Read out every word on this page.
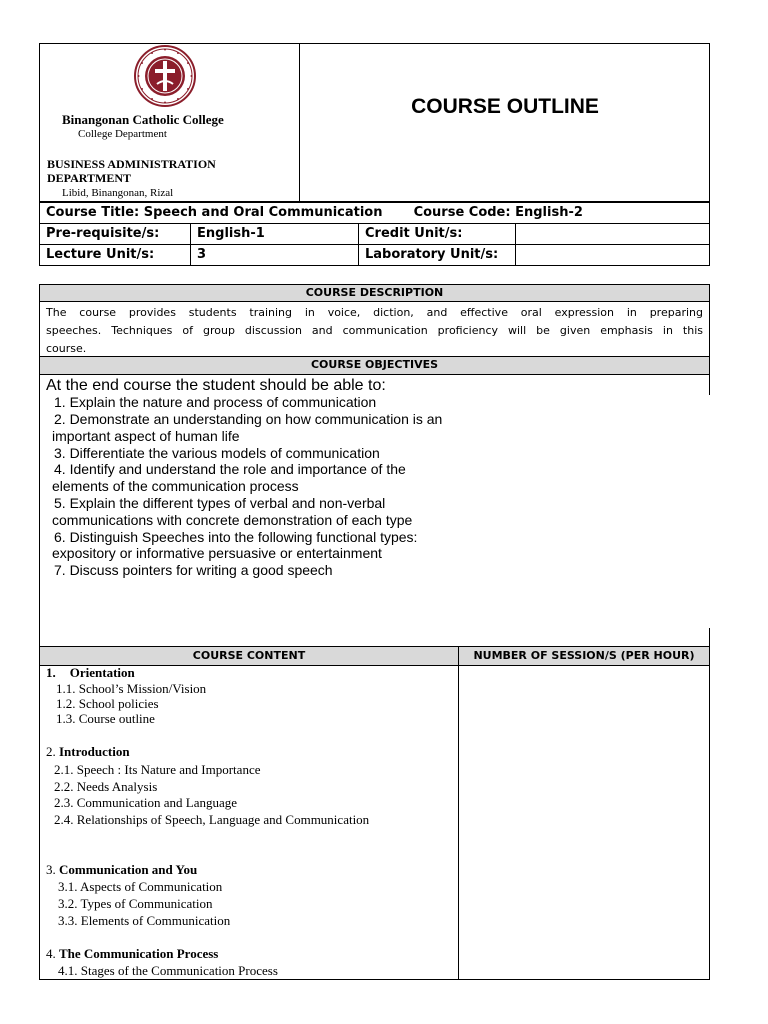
Binangonan Catholic College
College Department
BUSINESS ADMINISTRATION DEPARTMENT
Libid, Binangonan, Rizal
COURSE OUTLINE
Course Title: Speech and Oral Communication Course Code: English-2
Pre-requisite/s:	English-1	Credit Unit/s:
Lecture Unit/s:	3	Laboratory Unit/s:
COURSE DESCRIPTION
The course provides students training in voice, diction, and effective oral expression in preparing
speeches. Techniques of group discussion and communication proficiency will be given emphasis in this
course.
COURSE OBJECTIVES
At the end course the student should be able to:
1. Explain the nature and process of communication
2. Demonstrate an understanding on how communication is an
important aspect of human life
3. Differentiate the various models of communication
4. Identify and understand the role and importance of the
elements of the communication process
5. Explain the different types of verbal and non-verbal
communications with concrete demonstration of each type
6. Distinguish Speeches into the following functional types:
expository or informative persuasive or entertainment
7. Discuss pointers for writing a good speech
COURSE CONTENT	NUMBER OF SESSION/S (PER HOUR)
1. Orientation
1.1. School’s Mission/Vision
1.2. School policies
1.3. Course outline
2. Introduction
2.1. Speech : Its Nature and Importance
2.2. Needs Analysis
2.3. Communication and Language
2.4. Relationships of Speech, Language and Communication
3. Communication and You
3.1. Aspects of Communication
3.2. Types of Communication
3.3. Elements of Communication
4. The Communication Process
4.1. Stages of the Communication Process
